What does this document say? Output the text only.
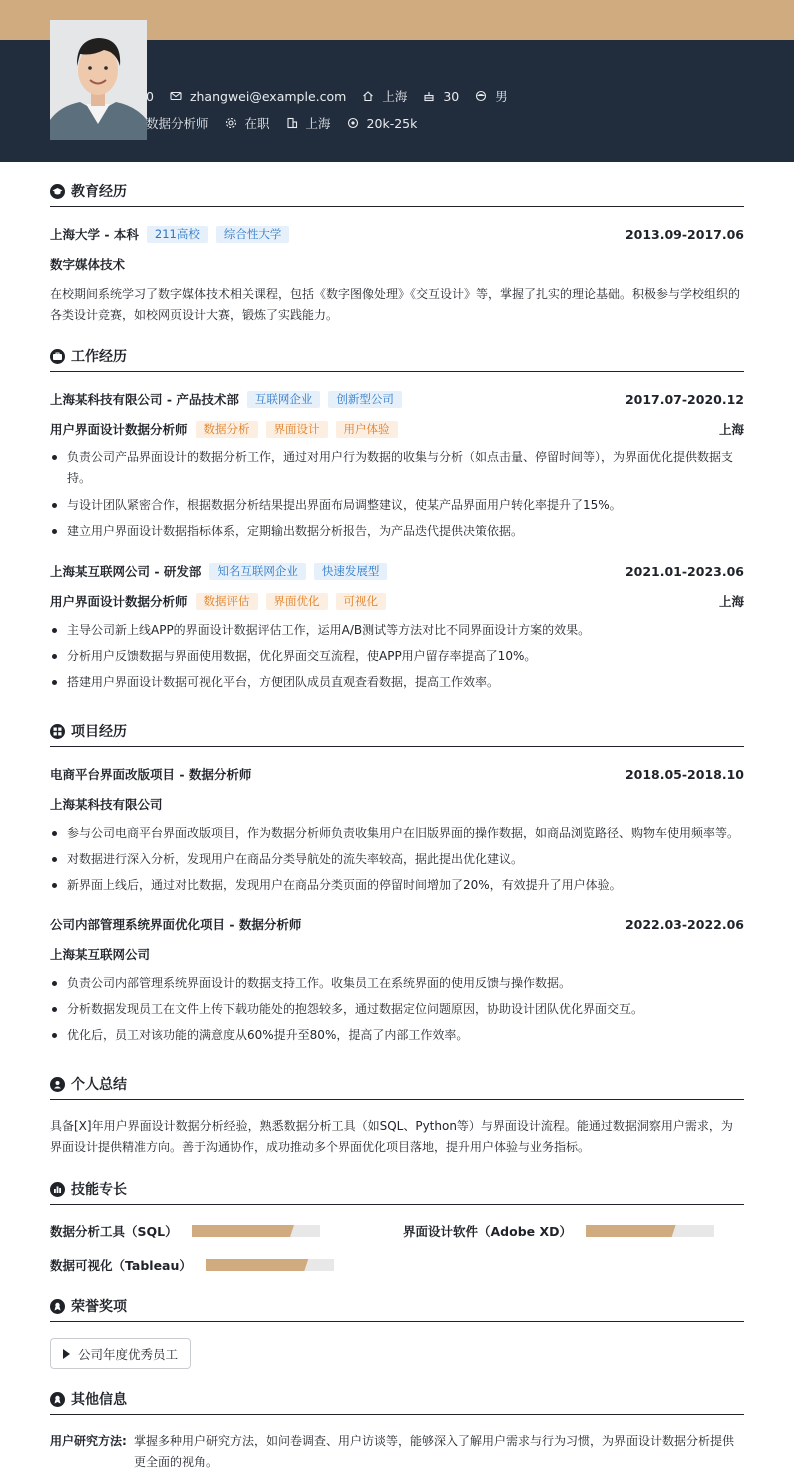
0	zhangwei@example.com	上海	30	男
数据分析师	在职	上海	20k-25k
教育经历
上海大学 - 本科	211高校	综合性大学	2013.09-2017.06
数字媒体技术
在校期间系统学习了数字媒体技术相关课程，包括《数字图像处理》《交互设计》等，掌握了扎实的理论基础。积极参与学校组织的各类设计竞赛，如校网页设计大赛，锻炼了实践能力。
工作经历
上海某科技有限公司 - 产品技术部	互联网企业	创新型公司	2017.07-2020.12
用户界面设计数据分析师	数据分析	界面设计	用户体验	上海
负责公司产品界面设计的数据分析工作，通过对用户行为数据的收集与分析（如点击量、停留时间等），为界面优化提供数据支持。
与设计团队紧密合作，根据数据分析结果提出界面布局调整建议，使某产品界面用户转化率提升了15%。
建立用户界面设计数据指标体系，定期输出数据分析报告，为产品迭代提供决策依据。
上海某互联网公司 - 研发部	知名互联网企业	快速发展型	2021.01-2023.06
用户界面设计数据分析师	数据评估	界面优化	可视化	上海
主导公司新上线APP的界面设计数据评估工作，运用A/B测试等方法对比不同界面设计方案的效果。
分析用户反馈数据与界面使用数据，优化界面交互流程，使APP用户留存率提高了10%。
搭建用户界面设计数据可视化平台，方便团队成员直观查看数据，提高工作效率。
项目经历
电商平台界面改版项目 - 数据分析师	2018.05-2018.10
上海某科技有限公司
参与公司电商平台界面改版项目，作为数据分析师负责收集用户在旧版界面的操作数据，如商品浏览路径、购物车使用频率等。
对数据进行深入分析，发现用户在商品分类导航处的流失率较高，据此提出优化建议。
新界面上线后，通过对比数据，发现用户在商品分类页面的停留时间增加了20%，有效提升了用户体验。
公司内部管理系统界面优化项目 - 数据分析师	2022.03-2022.06
上海某互联网公司
负责公司内部管理系统界面设计的数据支持工作。收集员工在系统界面的使用反馈与操作数据。
分析数据发现员工在文件上传下载功能处的抱怨较多，通过数据定位问题原因，协助设计团队优化界面交互。
优化后，员工对该功能的满意度从60%提升至80%，提高了内部工作效率。
个人总结
具备[X]年用户界面设计数据分析经验，熟悉数据分析工具（如SQL、Python等）与界面设计流程。能通过数据洞察用户需求，为界面设计提供精准方向。善于沟通协作，成功推动多个界面优化项目落地，提升用户体验与业务指标。
技能专长
数据分析工具（SQL）	界面设计软件（Adobe XD）
数据可视化（Tableau）
荣誉奖项
公司年度优秀员工
其他信息
用户研究方法: 掌握多种用户研究方法，如问卷调查、用户访谈等，能够深入了解用户需求与行为习惯，为界面设计数据分析提供
更全面的视角。
